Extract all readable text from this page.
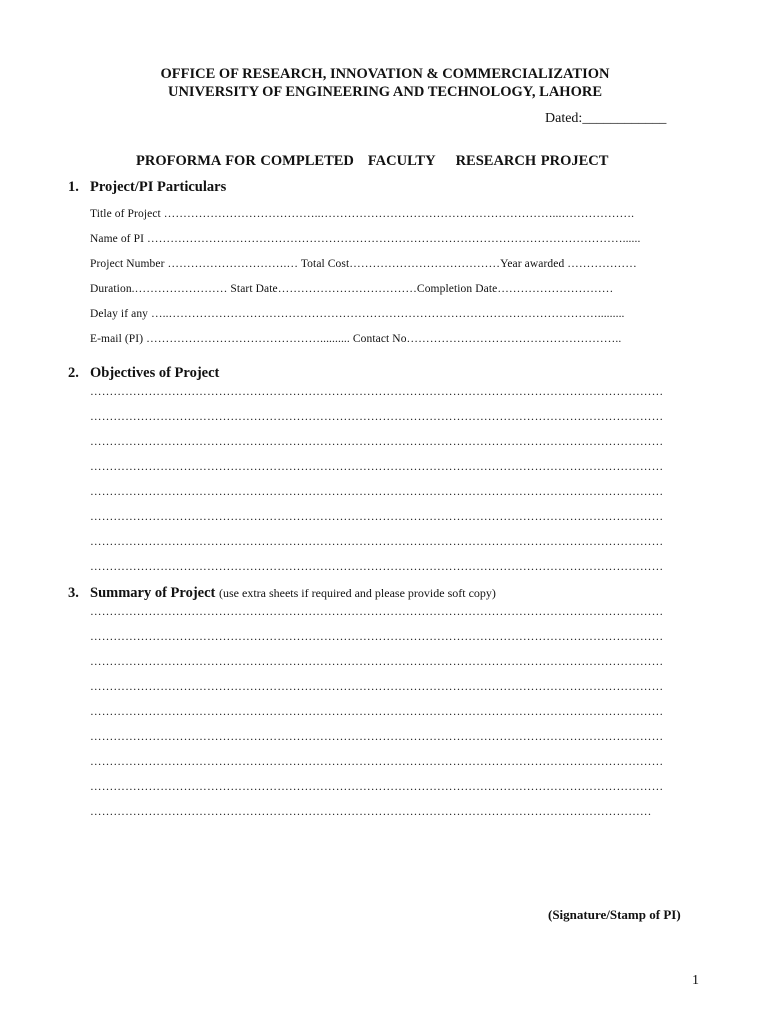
OFFICE OF RESEARCH, INNOVATION & COMMERCIALIZATION
UNIVERSITY OF ENGINEERING AND TECHNOLOGY, LAHORE
Dated:____________
PROFORMA FOR COMPLETED FACULTY RESEARCH PROJECT
1. Project/PI Particulars
Title of Project …………………………………..……………………………………………………...……………….
Name of PI ……………………………………………………………………………………………………………......
Project Number ………………………….… Total Cost…………………………………Year awarded ………………
Duration.…………………… Start Date………………………………Completion Date…………………………
Delay if any …..………………………………………………………………………………………………….........
E-mail (PI) ……………………………………….......... Contact No………………………………………………..
2. Objectives of Project
…………………………………………………………………………………………………………………………………
…………………………………………………………………………………………………………………………………
…………………………………………………………………………………………………………………………………
…………………………………………………………………………………………………………………………………
…………………………………………………………………………………………………………………………………
…………………………………………………………………………………………………………………………………
…………………………………………………………………………………………………………………………………
…………………………………………………………………………………………………………………………………
3. Summary of Project (use extra sheets if required and please provide soft copy)
…………………………………………………………………………………………………………………………………
…………………………………………………………………………………………………………………………………
…………………………………………………………………………………………………………………………………
…………………………………………………………………………………………………………………………………
…………………………………………………………………………………………………………………………………
…………………………………………………………………………………………………………………………………
…………………………………………………………………………………………………………………………………
…………………………………………………………………………………………………………………………………
………………………………………………………………………………………………………………………………
(Signature/Stamp of PI)
1
